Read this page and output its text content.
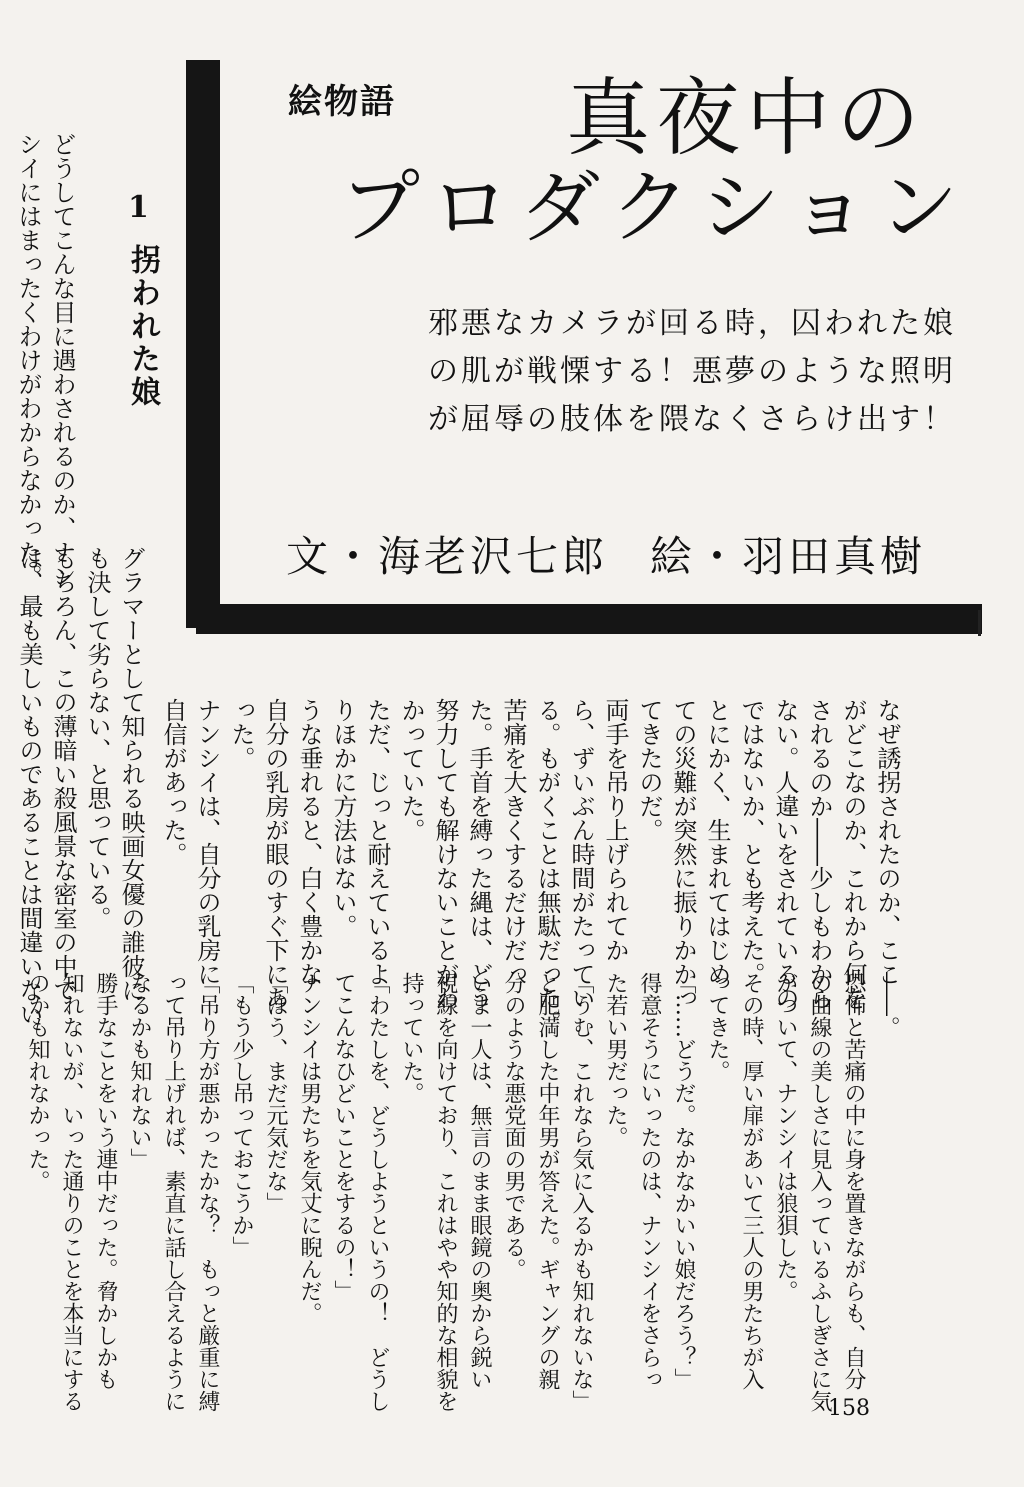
絵物語 真夜中の
プロダクション
邪悪なカメラが回る時，囚われた娘
の肌が戦慄する！悪夢のような照明
が屈辱の肢体を隈なくさらけ出す！
文・海老沢七郎 絵・羽田真樹
1
拐われた娘

どうしてこんな目に遇わされるのか、ナン

シイにはまったくわけがわからなかった。

グラマーとして知られる映画女優の誰彼に

も決して劣らない、と思っている。

もちろん、この薄暗い殺風景な密室の中で

は、最も美しいものであることは間違いない	なぜ誘拐されたのか、ここ

がどこなのか、これから何を

されるのか――少しもわから

ない。人違いをされているの

ではないか、とも考えた。

とにかく、生まれてはじめ

ての災難が突然に振りかかっ

てきたのだ。

両手を吊り上げられてか

ら、ずいぶん時間がたってい

る。もがくことは無駄だった。

苦痛を大きくするだけだっ

た。手首を縛った縄は、どう

努力しても解けないことがわ

かっていた。

ただ、じっと耐えているよ

りほかに方法はない。

うな垂れると、白く豊かな

自分の乳房が眼のすぐ下にあ

った。

ナンシイは、自分の乳房に

自信があった。

――。

恐怖と苦痛の中に身を置きながらも、自分

の曲線の美しさに見入っているふしぎさに気

がついて、ナンシイは狼狽した。

その時、厚い扉があいて三人の男たちが入

ってきた。

「……どうだ。なかなかいい娘だろう？」

得意そうにいったのは、ナンシイをさらっ

た若い男だった。

「うむ、これなら気に入るかも知れないな」

と肥満した中年男が答えた。ギャングの親

分のような悪党面の男である。

いま一人は、無言のまま眼鏡の奥から鋭い

視線を向けており、これはやや知的な相貌を

持っていた。

「わたしを、どうしようというの！　どうし

てこんなひどいことをするの！」

ナンシイは男たちを気丈に睨んだ。

「ほう、まだ元気だな」

「もう少し吊っておこうか」

「吊り方が悪かったかな？　もっと厳重に縛

って吊り上げれば、素直に話し合えるように

なるかも知れない」

勝手なことをいう連中だった。脅かしかも

知れないが、いった通りのことを本当にする

のかも知れなかった。

158
